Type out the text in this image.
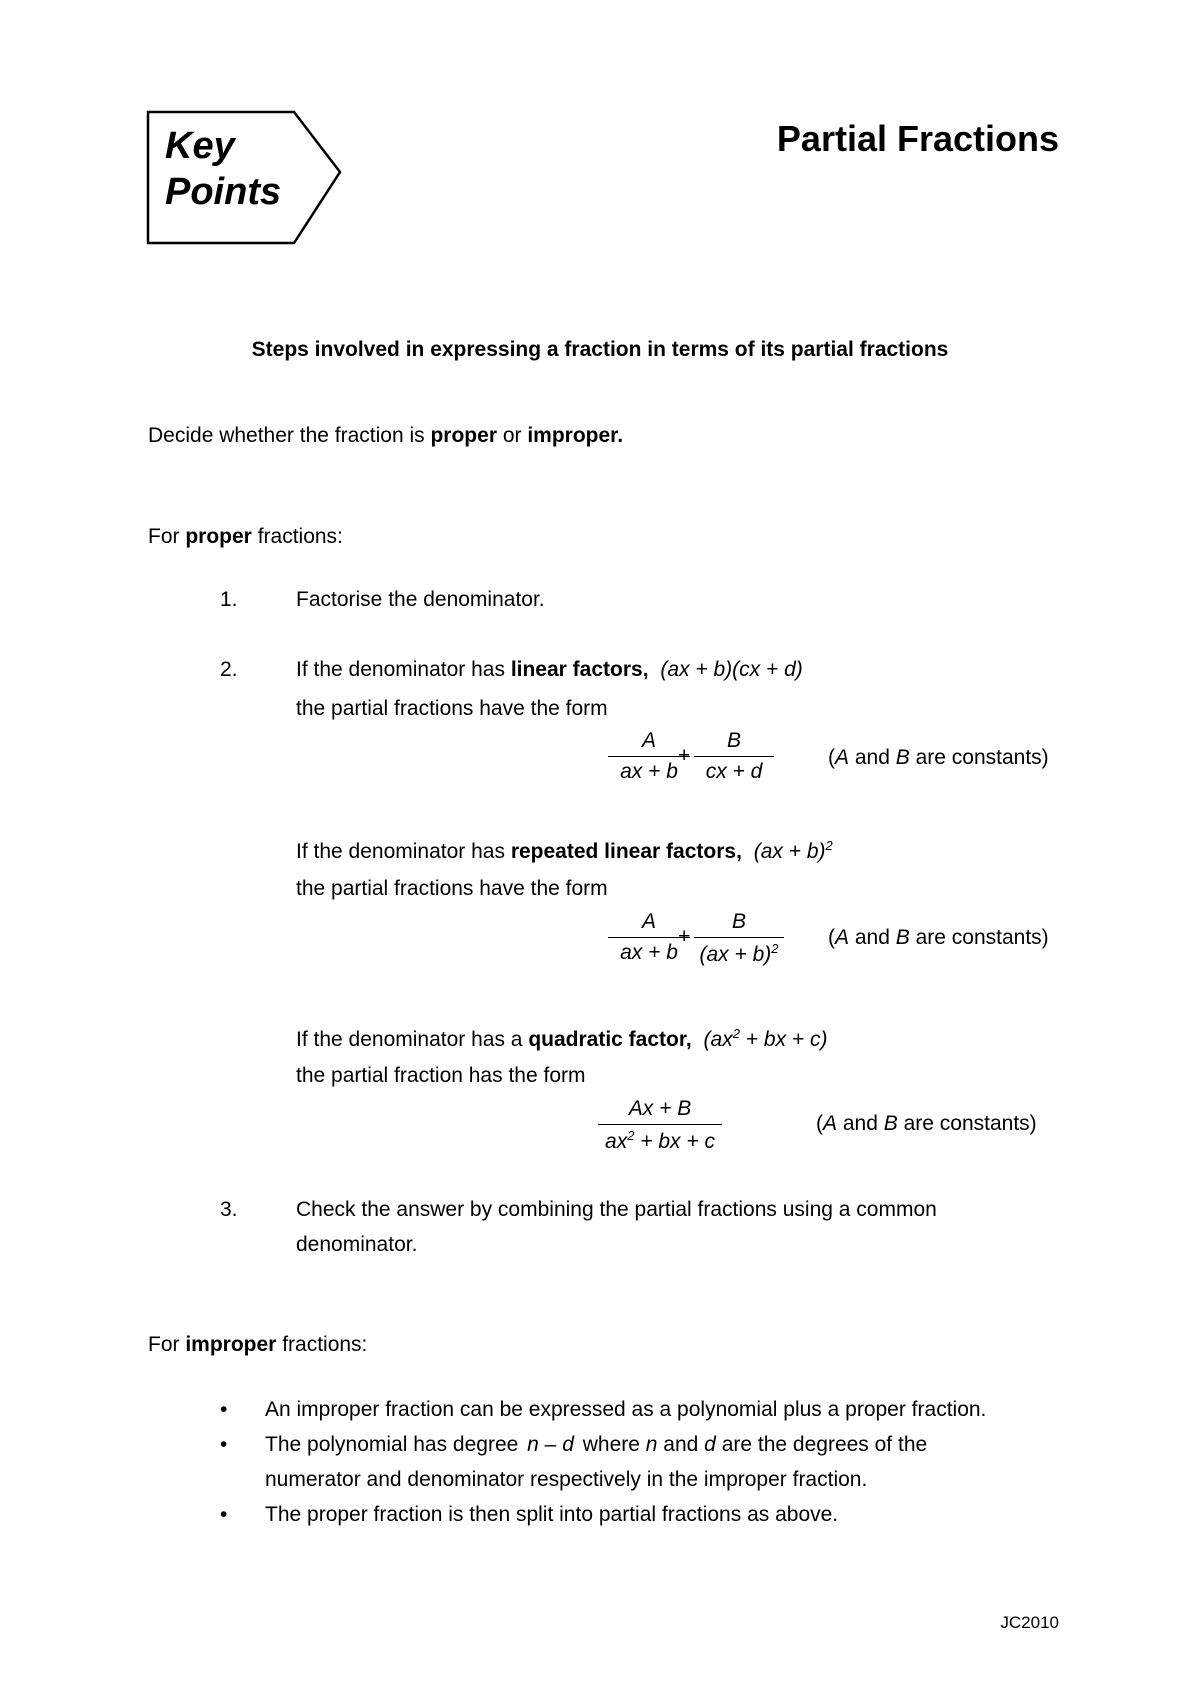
Key
Points
Partial Fractions
Steps involved in expressing a fraction in terms of its partial fractions
Decide whether the fraction is proper or improper.
For proper fractions:
1.	Factorise the denominator.
2.	If the denominator has linear factors, (ax + b)(cx + d)
the partial fractions have the form
$\frac{A}{ax + b}$
+ $\frac{B}{cx + d}$	(A and B are constants)
If the denominator has repeated linear factors, (ax + b)$^2$
the partial fractions have the form
$\frac{A}{ax + b}$
+ $\frac{B}{(ax + b)^2} (A$ and B are constants)
If the denominator has a quadratic factor, ($ax^2$ + bx + c)
the partial fraction has the form
$\frac{Ax + B}{ax^2 + bx + c}$	(A and B are constants)
3.	Check the answer by combining the partial fractions using a common
denominator.
For improper fractions:
• An improper fraction can be expressed as a polynomial plus a proper fraction.
• The polynomial has degree n – d where n and d are the degrees of the
numerator and denominator respectively in the improper fraction.
• The proper fraction is then split into partial fractions as above.
JC2010
